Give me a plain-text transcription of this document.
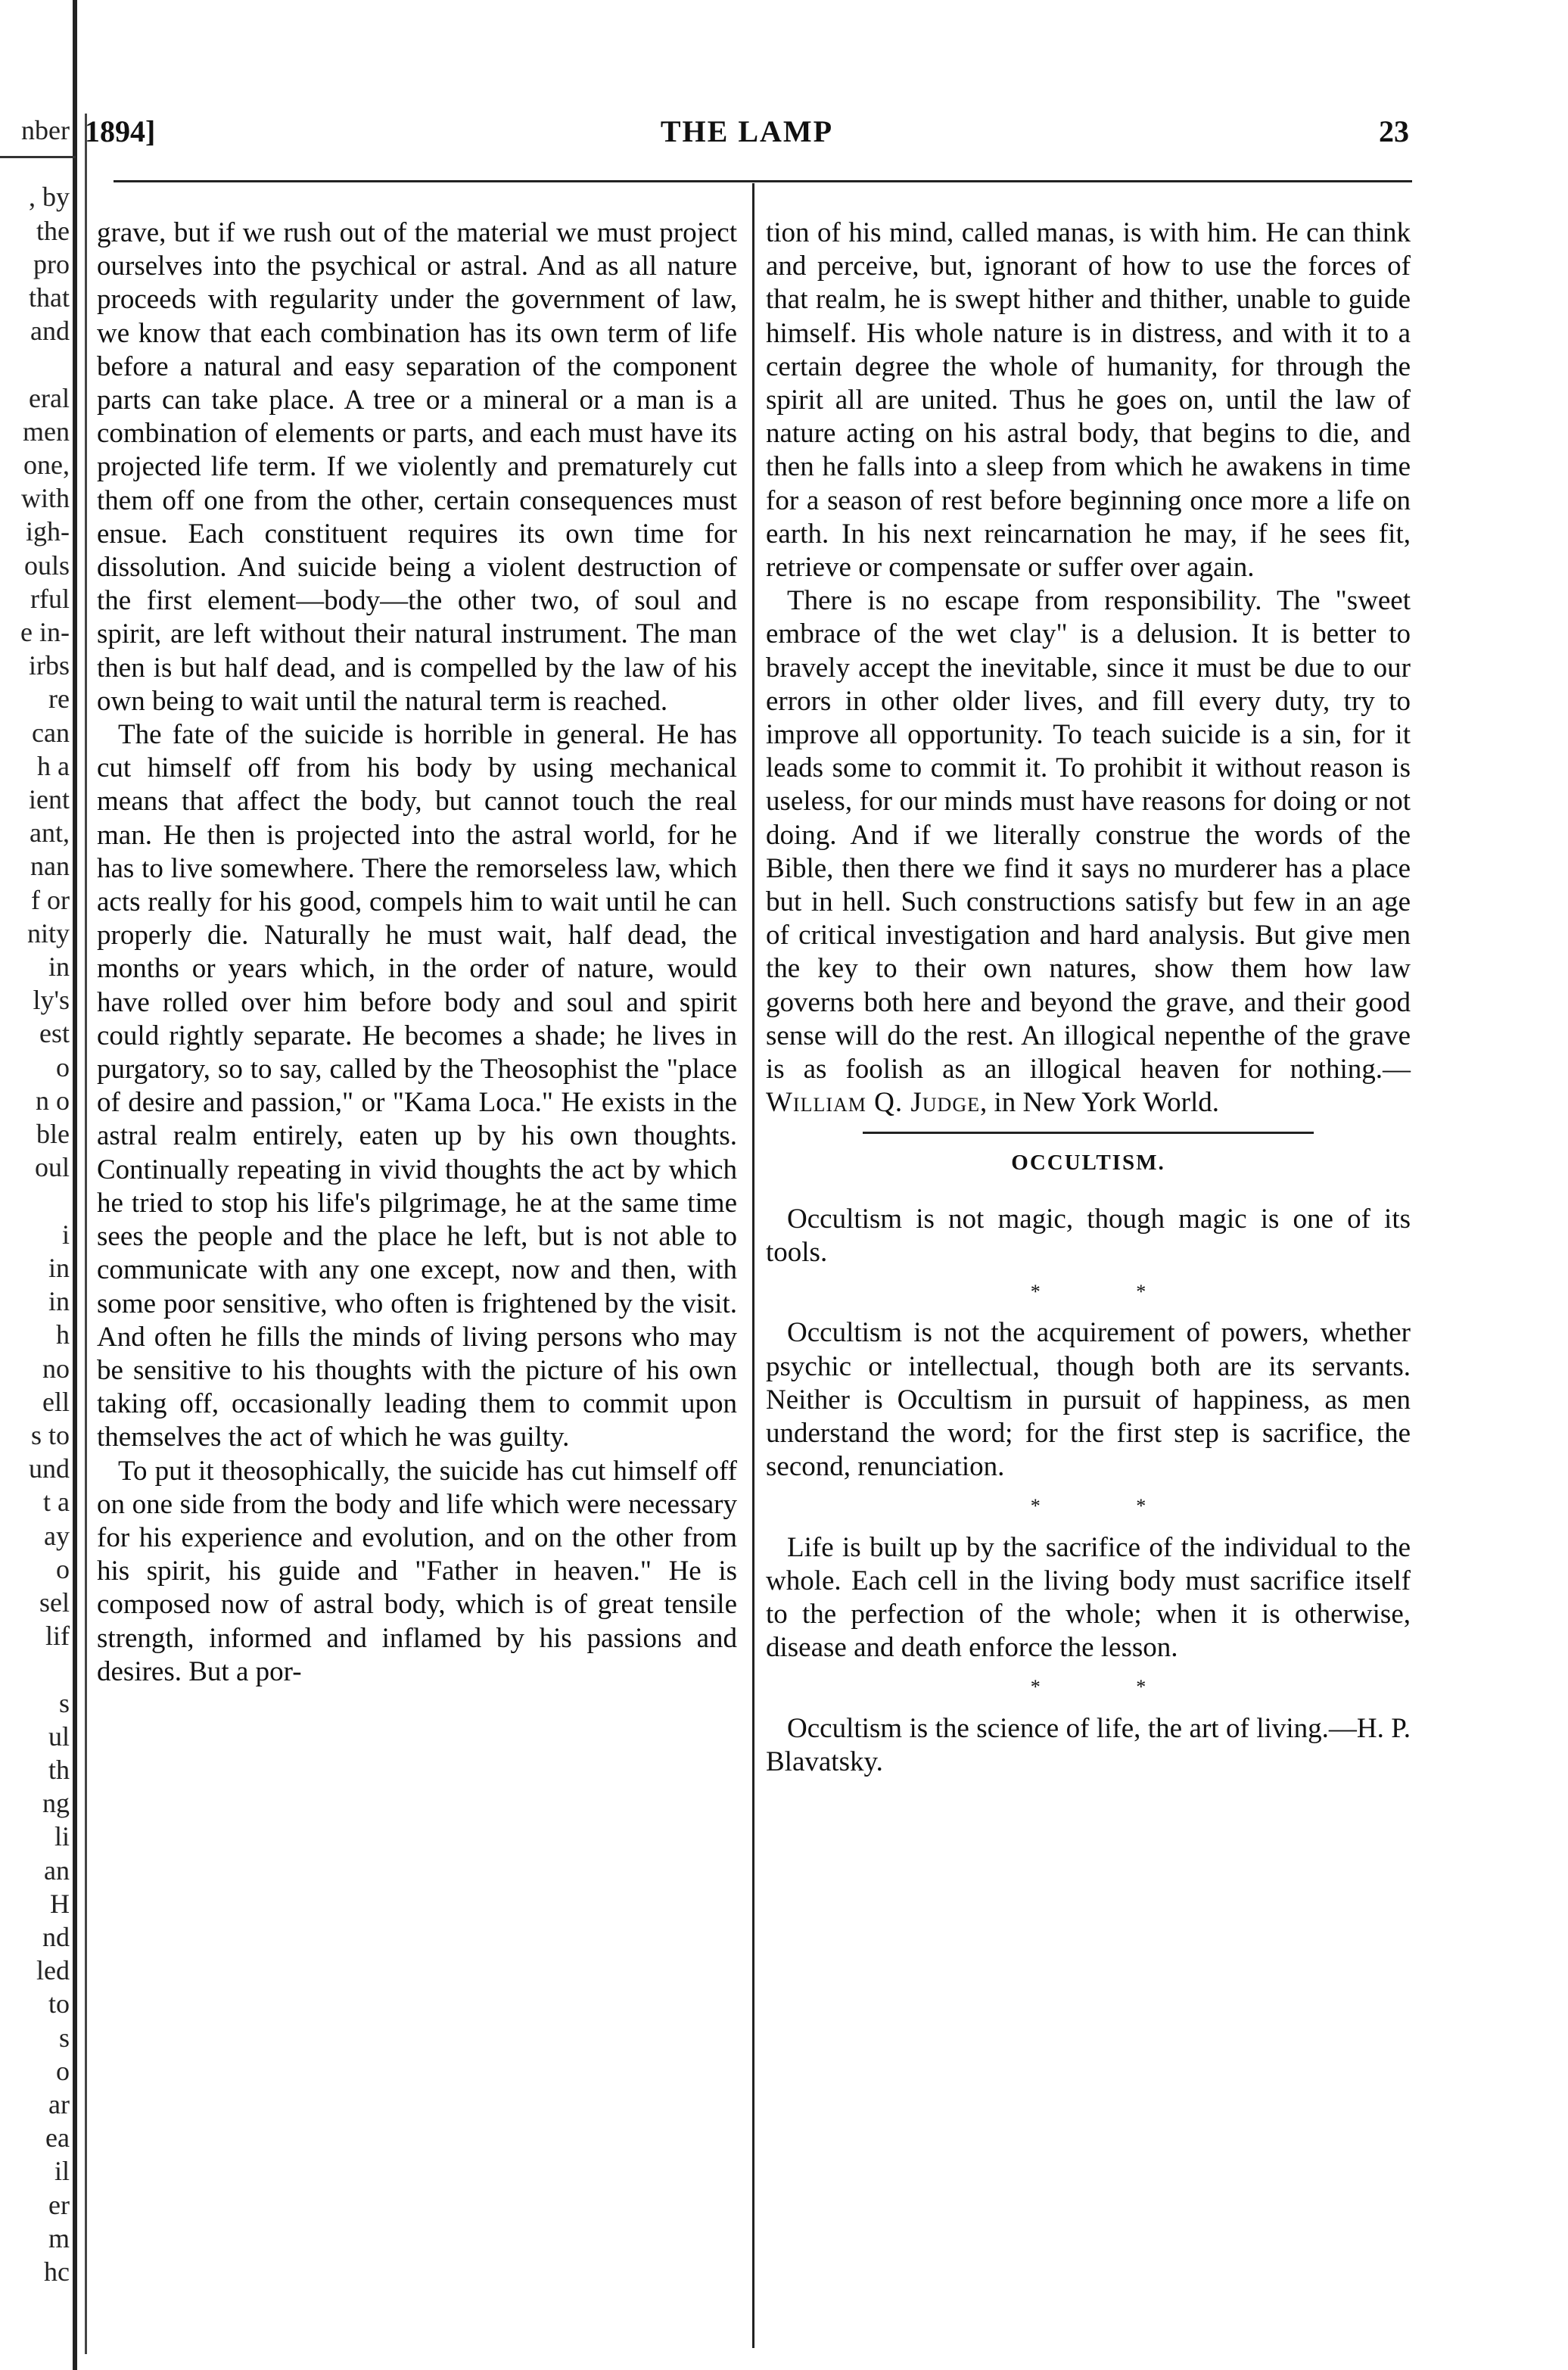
nber

, by
the
pro
that
and

eral
men
one,
with
igh-
ouls
rful
e in-
irbs
re
can
h a
ient
ant,
nan
f or
nity
in
ly's
est
o
n o
ble
oul

i
in
in
h
no
ell
s to
und
t a
ay
o
sel
lif

s
ul
th
ng
li
an
H
nd
led
to
s
o
ar
ea
il
er
m
hc
1894]	THE LAMP	23

grave, but if we rush out of the material we must project ourselves into the psychical or astral. And as all nature proceeds with regularity under the government of law, we know that each combination has its own term of life before a natural and easy separation of the component parts can take place. A tree or a mineral or a man is a combination of elements or parts, and each must have its projected life term. If we violently and prematurely cut them off one from the other, certain consequences must ensue. Each constituent requires its own time for dissolution. And suicide being a violent destruction of the first element—body—the other two, of soul and spirit, are left without their natural instrument. The man then is but half dead, and is compelled by the law of his own being to wait until the natural term is reached.

The fate of the suicide is horrible in general. He has cut himself off from his body by using mechanical means that affect the body, but cannot touch the real man. He then is projected into the astral world, for he has to live somewhere. There the remorseless law, which acts really for his good, compels him to wait until he can properly die. Naturally he must wait, half dead, the months or years which, in the order of nature, would have rolled over him before body and soul and spirit could rightly separate. He becomes a shade; he lives in purgatory, so to say, called by the Theosophist the "place of desire and passion," or "Kama Loca." He exists in the astral realm entirely, eaten up by his own thoughts. Continually repeating in vivid thoughts the act by which he tried to stop his life's pilgrimage, he at the same time sees the people and the place he left, but is not able to communicate with any one except, now and then, with some poor sensitive, who often is frightened by the visit. And often he fills the minds of living persons who may be sensitive to his thoughts with the picture of his own taking off, occasionally leading them to commit upon themselves the act of which he was guilty.

To put it theosophically, the suicide has cut himself off on one side from the body and life which were necessary for his experience and evolution, and on the other from his spirit, his guide and "Father in heaven." He is composed now of astral body, which is of great tensile strength, informed and inflamed by his passions and desires. But a por-

tion of his mind, called manas, is with him. He can think and perceive, but, ignorant of how to use the forces of that realm, he is swept hither and thither, unable to guide himself. His whole nature is in distress, and with it to a certain degree the whole of humanity, for through the spirit all are united. Thus he goes on, until the law of nature acting on his astral body, that begins to die, and then he falls into a sleep from which he awakens in time for a season of rest before beginning once more a life on earth. In his next reincarnation he may, if he sees fit, retrieve or compensate or suffer over again.

There is no escape from responsibility. The "sweet embrace of the wet clay" is a delusion. It is better to bravely accept the inevitable, since it must be due to our errors in other older lives, and fill every duty, try to improve all opportunity. To teach suicide is a sin, for it leads some to commit it. To prohibit it without reason is useless, for our minds must have reasons for doing or not doing. And if we literally construe the words of the Bible, then there we find it says no murderer has a place but in hell. Such constructions satisfy but few in an age of critical investigation and hard analysis. But give men the key to their own natures, show them how law governs both here and beyond the grave, and their good sense will do the rest. An illogical nepenthe of the grave is as foolish as an illogical heaven for nothing.—William Q. Judge, in New York World.

OCCULTISM.

Occultism is not magic, though magic is one of its tools.

* *

Occultism is not the acquirement of powers, whether psychic or intellectual, though both are its servants. Neither is Occultism in pursuit of happiness, as men understand the word; for the first step is sacrifice, the second, renunciation.

* *

Life is built up by the sacrifice of the individual to the whole. Each cell in the living body must sacrifice itself to the perfection of the whole; when it is otherwise, disease and death enforce the lesson.

* *

Occultism is the science of life, the art of living.—H. P. Blavatsky.
